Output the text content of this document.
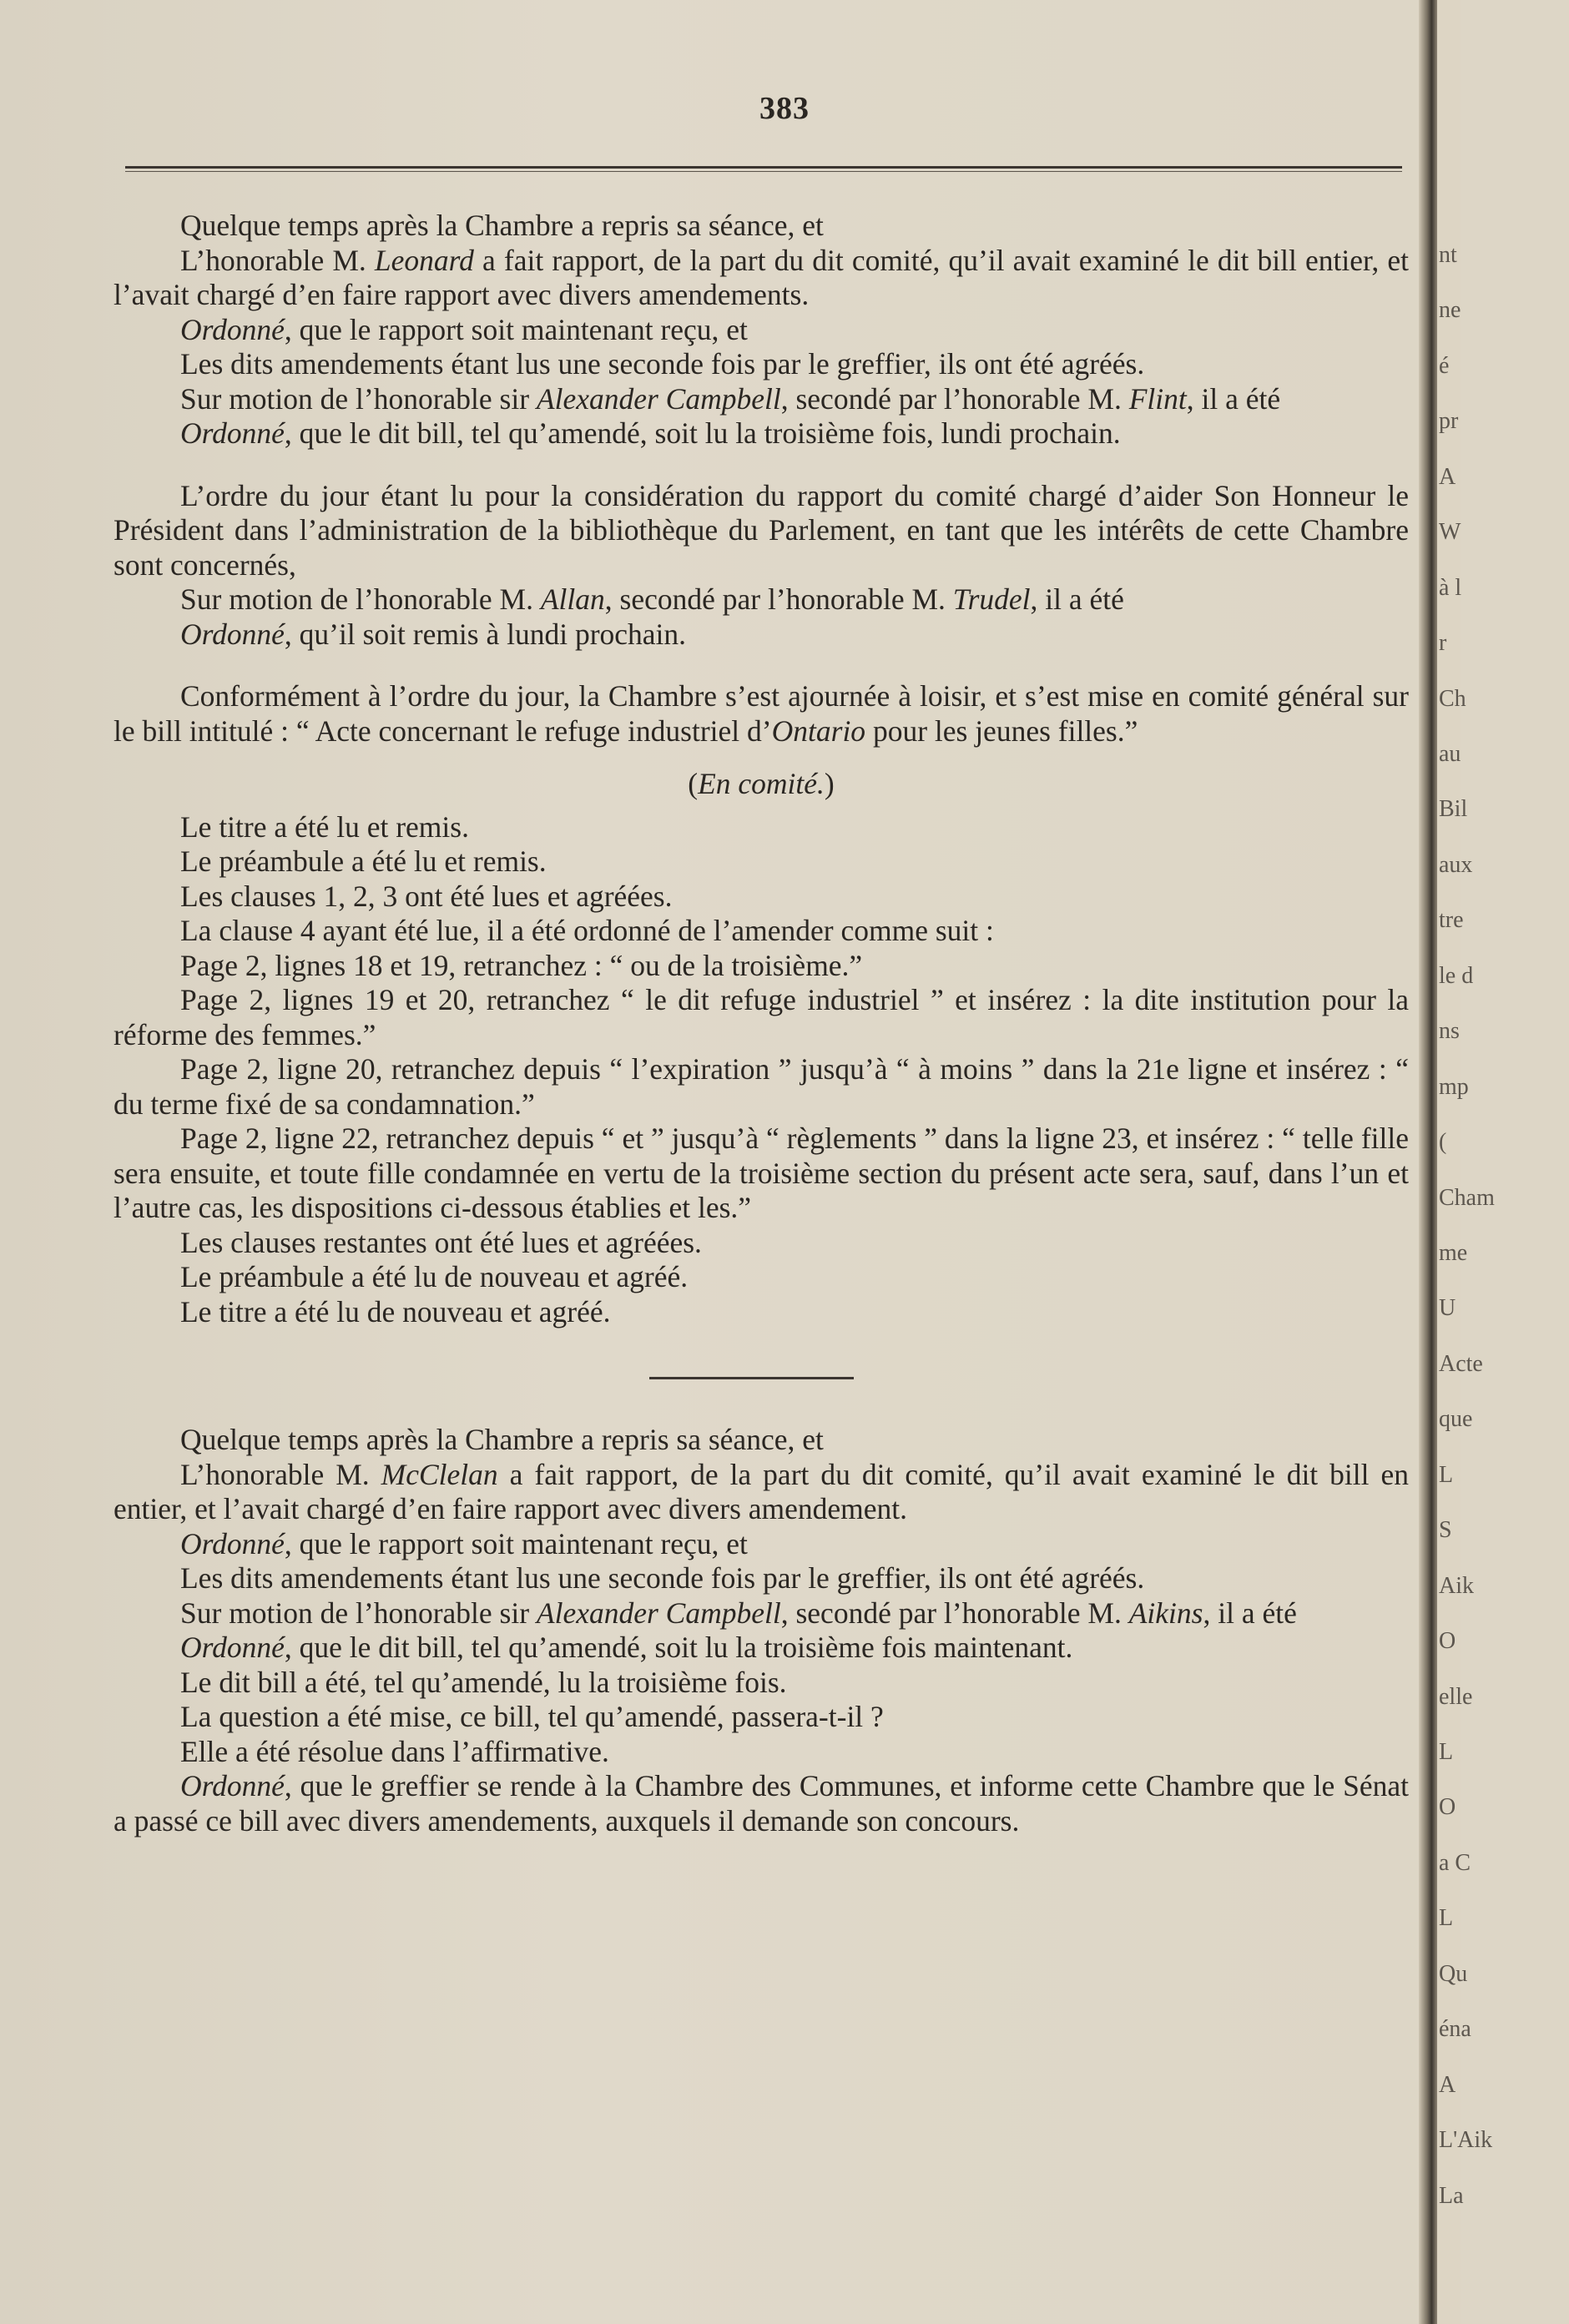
383

Quelque temps après la Chambre a repris sa séance, et

L’honorable M. Leonard a fait rapport, de la part du dit comité, qu’il avait examiné le dit bill entier, et l’avait chargé d’en faire rapport avec divers amendements.

Ordonné, que le rapport soit maintenant reçu, et

Les dits amendements étant lus une seconde fois par le greffier, ils ont été agréés.

Sur motion de l’honorable sir Alexander Campbell, secondé par l’honorable M. Flint, il a été

Ordonné, que le dit bill, tel qu’amendé, soit lu la troisième fois, lundi prochain.

L’ordre du jour étant lu pour la considération du rapport du comité chargé d’aider Son Honneur le Président dans l’administration de la bibliothèque du Parlement, en tant que les intérêts de cette Chambre sont concernés,

Sur motion de l’honorable M. Allan, secondé par l’honorable M. Trudel, il a été

Ordonné, qu’il soit remis à lundi prochain.

Conformément à l’ordre du jour, la Chambre s’est ajournée à loisir, et s’est mise en comité général sur le bill intitulé : “ Acte concernant le refuge industriel d’Ontario pour les jeunes filles.”

(En comité.)

Le titre a été lu et remis.

Le préambule a été lu et remis.

Les clauses 1, 2, 3 ont été lues et agréées.

La clause 4 ayant été lue, il a été ordonné de l’amender comme suit :

Page 2, lignes 18 et 19, retranchez : “ ou de la troisième.”

Page 2, lignes 19 et 20, retranchez “ le dit refuge industriel ” et insérez : la dite institution pour la réforme des femmes.”

Page 2, ligne 20, retranchez depuis “ l’expiration ” jusqu’à “ à moins ” dans la 21e ligne et insérez : “ du terme fixé de sa condamnation.”

Page 2, ligne 22, retranchez depuis “ et ” jusqu’à “ règlements ” dans la ligne 23, et insérez : “ telle fille sera ensuite, et toute fille condamnée en vertu de la troisième section du présent acte sera, sauf, dans l’un et l’autre cas, les dispositions ci-dessous établies et les.”

Les clauses restantes ont été lues et agréées.

Le préambule a été lu de nouveau et agréé.

Le titre a été lu de nouveau et agréé.

Quelque temps après la Chambre a repris sa séance, et

L’honorable M. McClelan a fait rapport, de la part du dit comité, qu’il avait examiné le dit bill en entier, et l’avait chargé d’en faire rapport avec divers amendement.

Ordonné, que le rapport soit maintenant reçu, et

Les dits amendements étant lus une seconde fois par le greffier, ils ont été agréés.

Sur motion de l’honorable sir Alexander Campbell, secondé par l’honorable M. Aikins, il a été

Ordonné, que le dit bill, tel qu’amendé, soit lu la troisième fois maintenant.

Le dit bill a été, tel qu’amendé, lu la troisième fois.

La question a été mise, ce bill, tel qu’amendé, passera-t-il ?

Elle a été résolue dans l’affirmative.

Ordonné, que le greffier se rende à la Chambre des Communes, et informe cette Chambre que le Sénat a passé ce bill avec divers amendements, auxquels il demande son concours.

nt
ne
é
pr
A
W
à l
r
Ch
au
Bil
aux
tre
le d
ns
mp
(
Cham
me
U
Acte
que
L
S
Aik
O
elle
L
O
a C
L
Qu
éna
A
L'Aik
La
